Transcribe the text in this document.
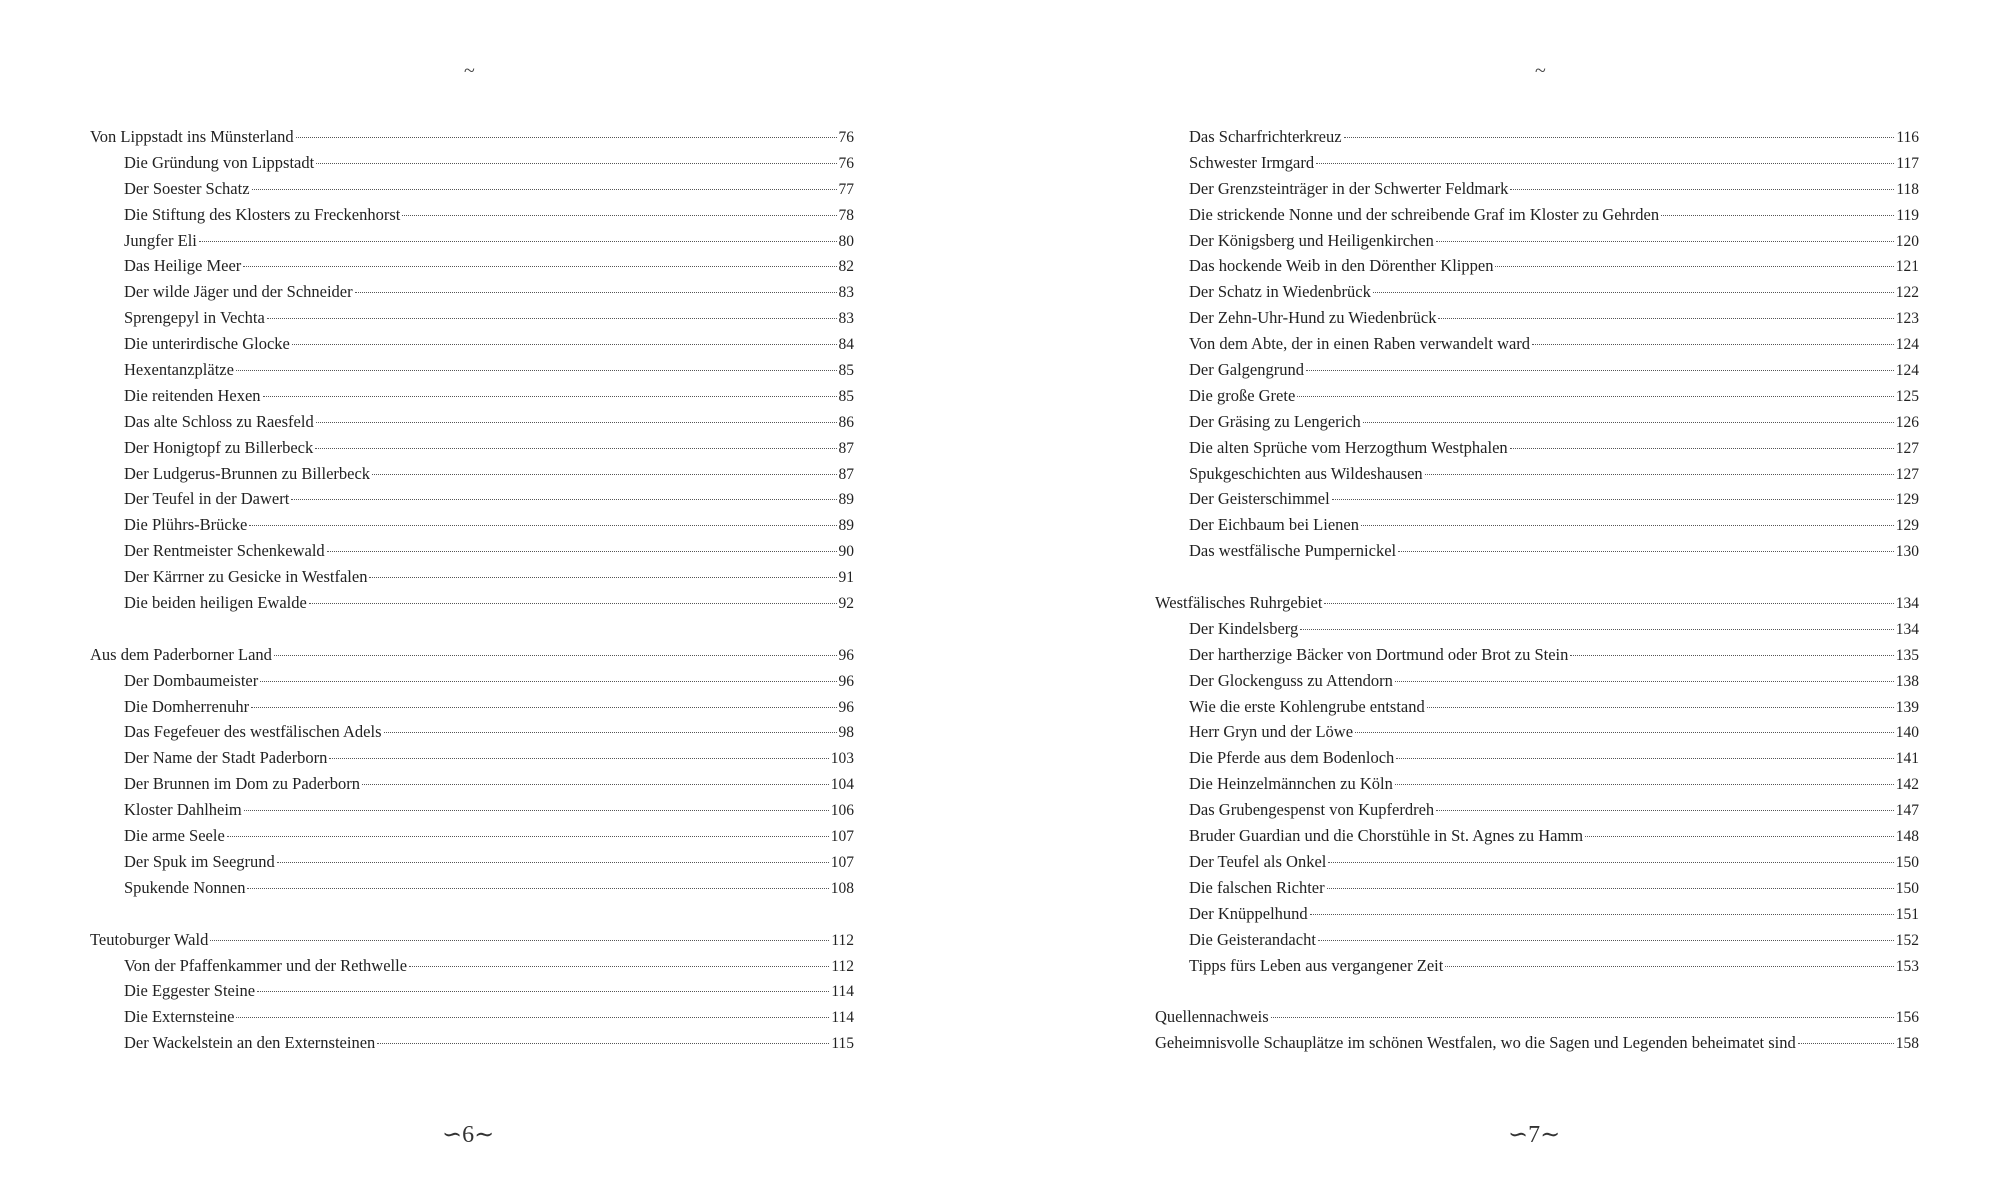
~
Von Lippstadt ins Münsterland	76
Die Gründung von Lippstadt	76
Der Soester Schatz	77
Die Stiftung des Klosters zu Freckenhorst	78
Jungfer Eli	80
Das Heilige Meer	82
Der wilde Jäger und der Schneider	83
Sprengepyl in Vechta	83
Die unterirdische Glocke	84
Hexentanzplätze	85
Die reitenden Hexen	85
Das alte Schloss zu Raesfeld	86
Der Honigtopf zu Billerbeck	87
Der Ludgerus-Brunnen zu Billerbeck	87
Der Teufel in der Dawert	89
Die Plührs-Brücke	89
Der Rentmeister Schenkewald	90
Der Kärrner zu Gesicke in Westfalen	91
Die beiden heiligen Ewalde	92
Aus dem Paderborner Land	96
Der Dombaumeister	96
Die Domherrenuhr	96
Das Fegefeuer des westfälischen Adels	98
Der Name der Stadt Paderborn	103
Der Brunnen im Dom zu Paderborn	104
Kloster Dahlheim	106
Die arme Seele	107
Der Spuk im Seegrund	107
Spukende Nonnen	108
Teutoburger Wald	112
Von der Pfaffenkammer und der Rethwelle	112
Die Eggester Steine	114
Die Externsteine	114
Der Wackelstein an den Externsteinen	115
∽6∼
~
Das Scharfrichterkreuz	116
Schwester Irmgard	117
Der Grenzsteinträger in der Schwerter Feldmark	118
Die strickende Nonne und der schreibende Graf im Kloster zu Gehrden	119
Der Königsberg und Heiligenkirchen	120
Das hockende Weib in den Dörenther Klippen	121
Der Schatz in Wiedenbrück	122
Der Zehn-Uhr-Hund zu Wiedenbrück	123
Von dem Abte, der in einen Raben verwandelt ward	124
Der Galgengrund	124
Die große Grete	125
Der Gräsing zu Lengerich	126
Die alten Sprüche vom Herzogthum Westphalen	127
Spukgeschichten aus Wildeshausen	127
Der Geisterschimmel	129
Der Eichbaum bei Lienen	129
Das westfälische Pumpernickel	130
Westfälisches Ruhrgebiet	134
Der Kindelsberg	134
Der hartherzige Bäcker von Dortmund oder Brot zu Stein	135
Der Glockenguss zu Attendorn	138
Wie die erste Kohlengrube entstand	139
Herr Gryn und der Löwe	140
Die Pferde aus dem Bodenloch	141
Die Heinzelmännchen zu Köln	142
Das Grubengespenst von Kupferdreh	147
Bruder Guardian und die Chorstühle in St. Agnes zu Hamm	148
Der Teufel als Onkel	150
Die falschen Richter	150
Der Knüppelhund	151
Die Geisterandacht	152
Tipps fürs Leben aus vergangener Zeit	153
Quellennachweis	156
Geheimnisvolle Schauplätze im schönen Westfalen, wo die Sagen und Legenden beheimatet sind	158
∽7∼
